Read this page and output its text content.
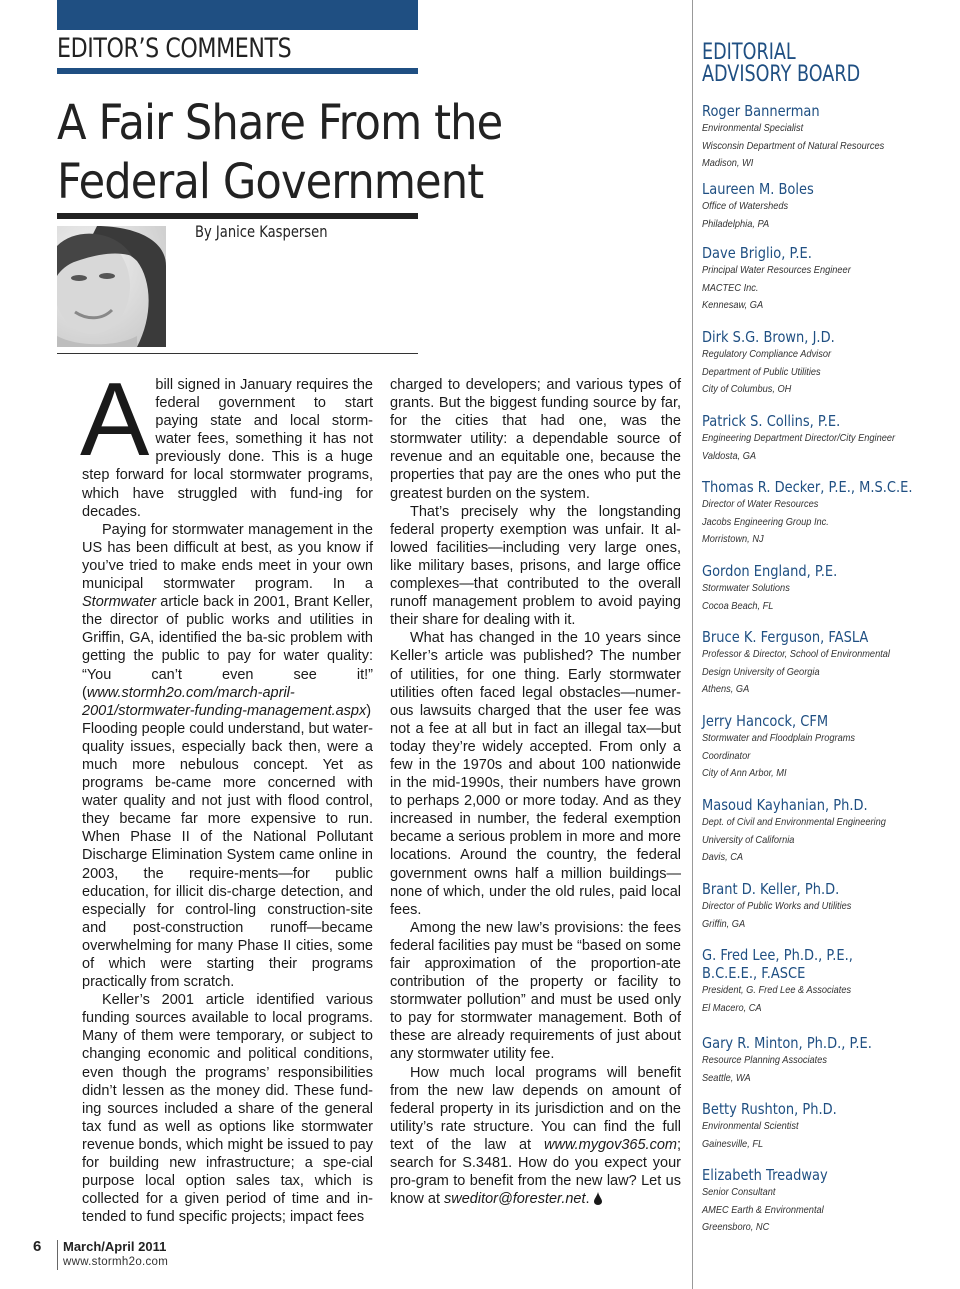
EDITOR’S COMMENTS
A Fair Share From the
Federal Government
By Janice Kaspersen

Abill signed in January requires the federal government to start paying state and local storm-water fees, something it has not previously done. This is a huge step forward for local stormwater programs, which have struggled with fund-ing for decades.

Paying for stormwater management in the US has been difficult at best, as you know if you’ve tried to make ends meet in your own municipal stormwater program. In a Stormwater article back in 2001, Brant Keller, the director of public works and utilities in Griffin, GA, identified the ba-sic problem with getting the public to pay for water quality: “You can’t even see it!” (www.stormh2o.com/march-april-2001/stormwater-funding-management.aspx) Flooding people could understand, but water-quality issues, especially back then, were a much more nebulous concept. Yet as programs be-came more concerned with water quality and not just with flood control, they became far more expensive to run. When Phase II of the National Pollutant Discharge Elimination System came online in 2003, the require-ments—for public education, for illicit dis-charge detection, and especially for control-ling construction-site and post-construction runoff—became overwhelming for many Phase II cities, some of which were starting their programs practically from scratch.

Keller’s 2001 article identified various funding sources available to local programs. Many of them were temporary, or subject to changing economic and political conditions, even though the programs’ responsibilities didn’t lessen as the money did. These fund-ing sources included a share of the general tax fund as well as options like stormwater revenue bonds, which might be issued to pay for building new infrastructure; a spe-cial purpose local option sales tax, which is collected for a given period of time and in-tended to fund specific projects; impact fees

charged to developers; and various types of grants. But the biggest funding source by far, for the cities that had one, was the stormwater utility: a dependable source of revenue and an equitable one, because the properties that pay are the ones who put the greatest burden on the system.

That’s precisely why the longstanding federal property exemption was unfair. It al-lowed facilities—including very large ones, like military bases, prisons, and large office complexes—that contributed to the overall runoff management problem to avoid paying their share for dealing with it.

What has changed in the 10 years since Keller’s article was published? The number of utilities, for one thing. Early stormwater utilities often faced legal obstacles—numer-ous lawsuits charged that the user fee was not a fee at all but in fact an illegal tax—but today they’re widely accepted. From only a few in the 1970s and about 100 nationwide in the mid-1990s, their numbers have grown to perhaps 2,000 or more today. And as they increased in number, the federal exemption became a serious problem in more and more locations. Around the country, the federal government owns half a million buildings—none of which, under the old rules, paid local fees.

Among the new law’s provisions: the fees federal facilities pay must be “based on some fair approximation of the proportion-ate contribution of the property or facility to stormwater pollution” and must be used only to pay for stormwater management. Both of these are already requirements of just about any stormwater utility fee.

How much local programs will benefit from the new law depends on amount of federal property in its jurisdiction and on the utility’s rate structure. You can find the full text of the law at www.mygov365.com; search for S.3481. How do you expect your pro-gram to benefit from the new law? Let us know at sweditor@forester.net.

EDITORIAL
ADVISORY BOARD
Roger Bannerman
Environmental Specialist
Wisconsin Department of Natural Resources
Madison, WI
Laureen M. Boles
Office of Watersheds
Philadelphia, PA
Dave Briglio, P.E.
Principal Water Resources Engineer
MACTEC Inc.
Kennesaw, GA
Dirk S.G. Brown, J.D.
Regulatory Compliance Advisor
Department of Public Utilities
City of Columbus, OH
Patrick S. Collins, P.E.
Engineering Department Director/City Engineer
Valdosta, GA
Thomas R. Decker, P.E., M.S.C.E.
Director of Water Resources
Jacobs Engineering Group Inc.
Morristown, NJ
Gordon England, P.E.
Stormwater Solutions
Cocoa Beach, FL
Bruce K. Ferguson, FASLA
Professor & Director, School of Environmental
Design University of Georgia
Athens, GA
Jerry Hancock, CFM
Stormwater and Floodplain Programs
Coordinator
City of Ann Arbor, MI
Masoud Kayhanian, Ph.D.
Dept. of Civil and Environmental Engineering
University of California
Davis, CA
Brant D. Keller, Ph.D.
Director of Public Works and Utilities
Griffin, GA
G. Fred Lee, Ph.D., P.E.,
B.C.E.E., F.ASCE
President, G. Fred Lee & Associates
El Macero, CA
Gary R. Minton, Ph.D., P.E.
Resource Planning Associates
Seattle, WA
Betty Rushton, Ph.D.
Environmental Scientist
Gainesville, FL
Elizabeth Treadway
Senior Consultant
AMEC Earth & Environmental
Greensboro, NC
6 March/April 2011
www.stormh2o.com
